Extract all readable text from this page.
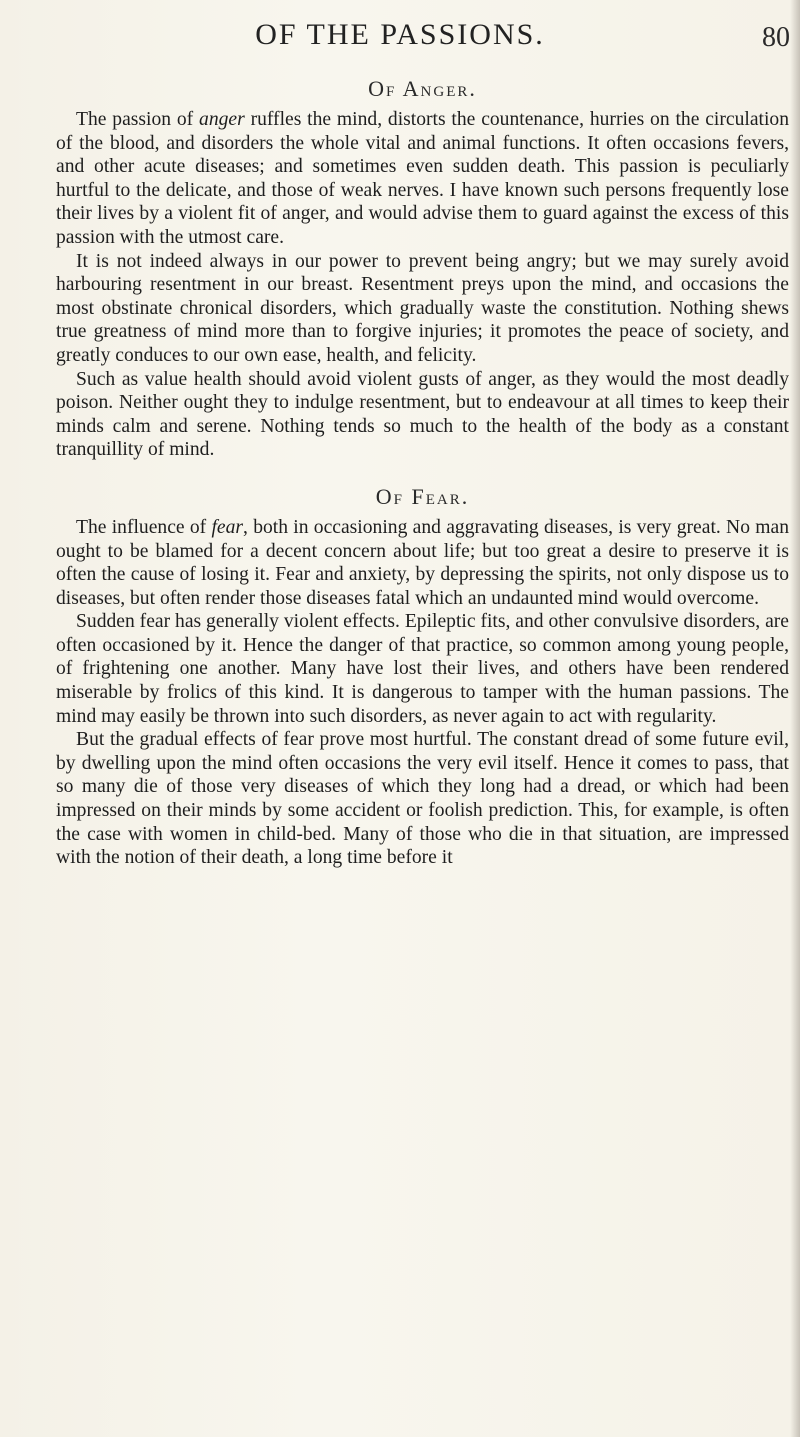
OF THE PASSIONS.	80
Of Anger.

The passion of anger ruffles the mind, distorts the countenance, hurries on the circulation of the blood, and disorders the whole vital and animal functions. It often occasions fevers, and other acute diseases; and sometimes even sudden death. This passion is peculiarly hurtful to the delicate, and those of weak nerves. I have known such persons frequently lose their lives by a violent fit of anger, and would advise them to guard against the excess of this passion with the utmost care.

It is not indeed always in our power to prevent being angry; but we may surely avoid harbouring resentment in our breast. Resentment preys upon the mind, and occasions the most obstinate chronical disorders, which gradually waste the constitution. Nothing shews true greatness of mind more than to forgive injuries; it promotes the peace of society, and greatly conduces to our own ease, health, and felicity.

Such as value health should avoid violent gusts of anger, as they would the most deadly poison. Neither ought they to indulge resentment, but to endeavour at all times to keep their minds calm and serene. Nothing tends so much to the health of the body as a constant tranquillity of mind.

Of Fear.

The influence of fear, both in occasioning and aggravating diseases, is very great. No man ought to be blamed for a decent concern about life; but too great a desire to preserve it is often the cause of losing it. Fear and anxiety, by depressing the spirits, not only dispose us to diseases, but often render those diseases fatal which an undaunted mind would overcome.

Sudden fear has generally violent effects. Epileptic fits, and other convulsive disorders, are often occasioned by it. Hence the danger of that practice, so common among young people, of frightening one another. Many have lost their lives, and others have been rendered miserable by frolics of this kind. It is dangerous to tamper with the human passions. The mind may easily be thrown into such disorders, as never again to act with regularity.

But the gradual effects of fear prove most hurtful. The constant dread of some future evil, by dwelling upon the mind often occasions the very evil itself. Hence it comes to pass, that so many die of those very diseases of which they long had a dread, or which had been impressed on their minds by some accident or foolish prediction. This, for example, is often the case with women in child-bed. Many of those who die in that situation, are impressed with the notion of their death, a long time before it
